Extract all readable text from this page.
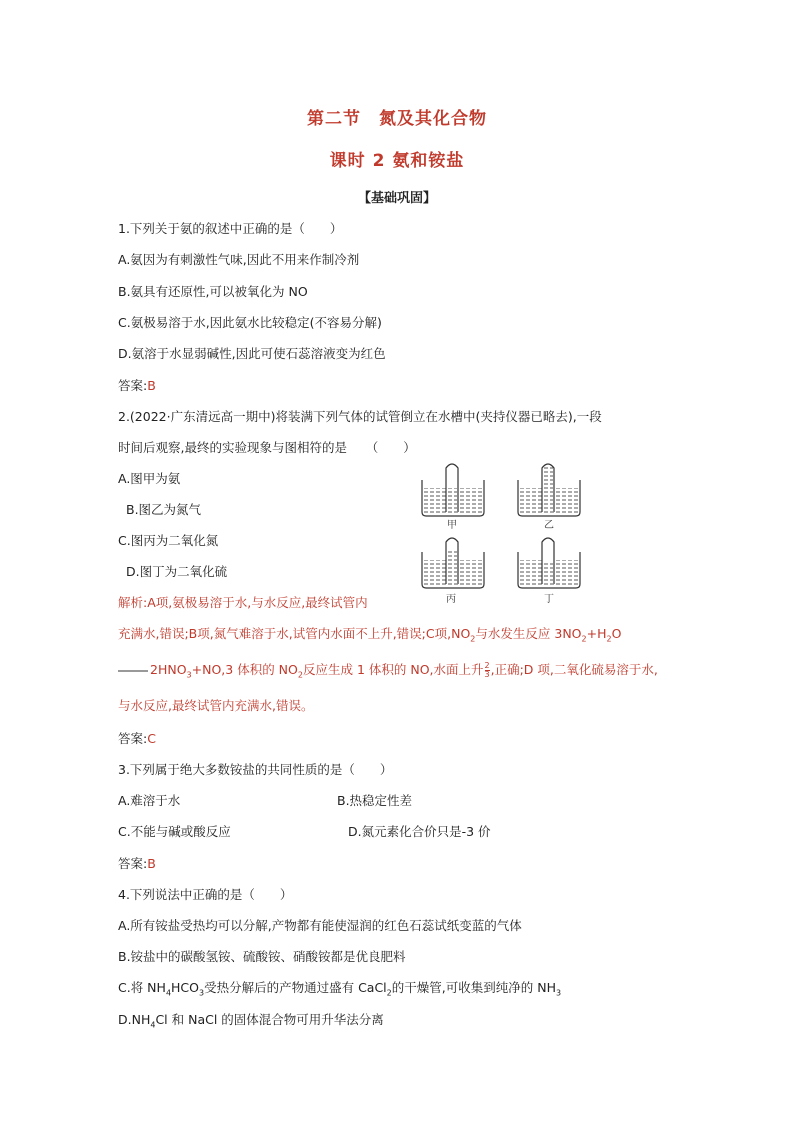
第二节　氮及其化合物
课时 2 氨和铵盐
【基础巩固】
1.下列关于氨的叙述中正确的是（　　）
A.氨因为有刺激性气味,因此不用来作制冷剂
B.氨具有还原性,可以被氧化为 NO
C.氨极易溶于水,因此氨水比较稳定(不容易分解)
D.氨溶于水显弱碱性,因此可使石蕊溶液变为红色
答案:B
2.(2022·广东清远高一期中)将装满下列气体的试管倒立在水槽中(夹持仪器已略去),一段
时间后观察,最终的实验现象与图相符的是　　（　　）
A.图甲为氨
B.图乙为氮气
C.图丙为二氧化氮
D.图丁为二氧化硫
甲	乙
丙	丁
解析:A项,氨极易溶于水,与水反应,最终试管内
充满水,错误;B项,氮气难溶于水,试管内水面不上升,错误;C项$,NO_2$与水发生反应 $3NO_2+H_2O$
$2HNO_3+NO,3$ 体积的 $NO_2$反应生成 1 体积的 NO,水面上升 $\frac{2}{3}$ ,正确;D 项,二氧化硫易溶于水,
与水反应,最终试管内充满水,错误。
答案:C
3.下列属于绝大多数铵盐的共同性质的是（　　）
A.难溶于水	B.热稳定性差
C.不能与碱或酸反应	D.氮元素化合价只是-3 价
答案:B
4.下列说法中正确的是（　　）
A.所有铵盐受热均可以分解,产物都有能使湿润的红色石蕊试纸变蓝的气体
B.铵盐中的碳酸氢铵、硫酸铵、硝酸铵都是优良肥料
C.将 $NH_4HCO_3$受热分解后的产物通过盛有 CaCl$_2$的干燥管,可收集到纯净的 $NH_3$
$D.NH_4Cl$ 和 NaCl 的固体混合物可用升华法分离
